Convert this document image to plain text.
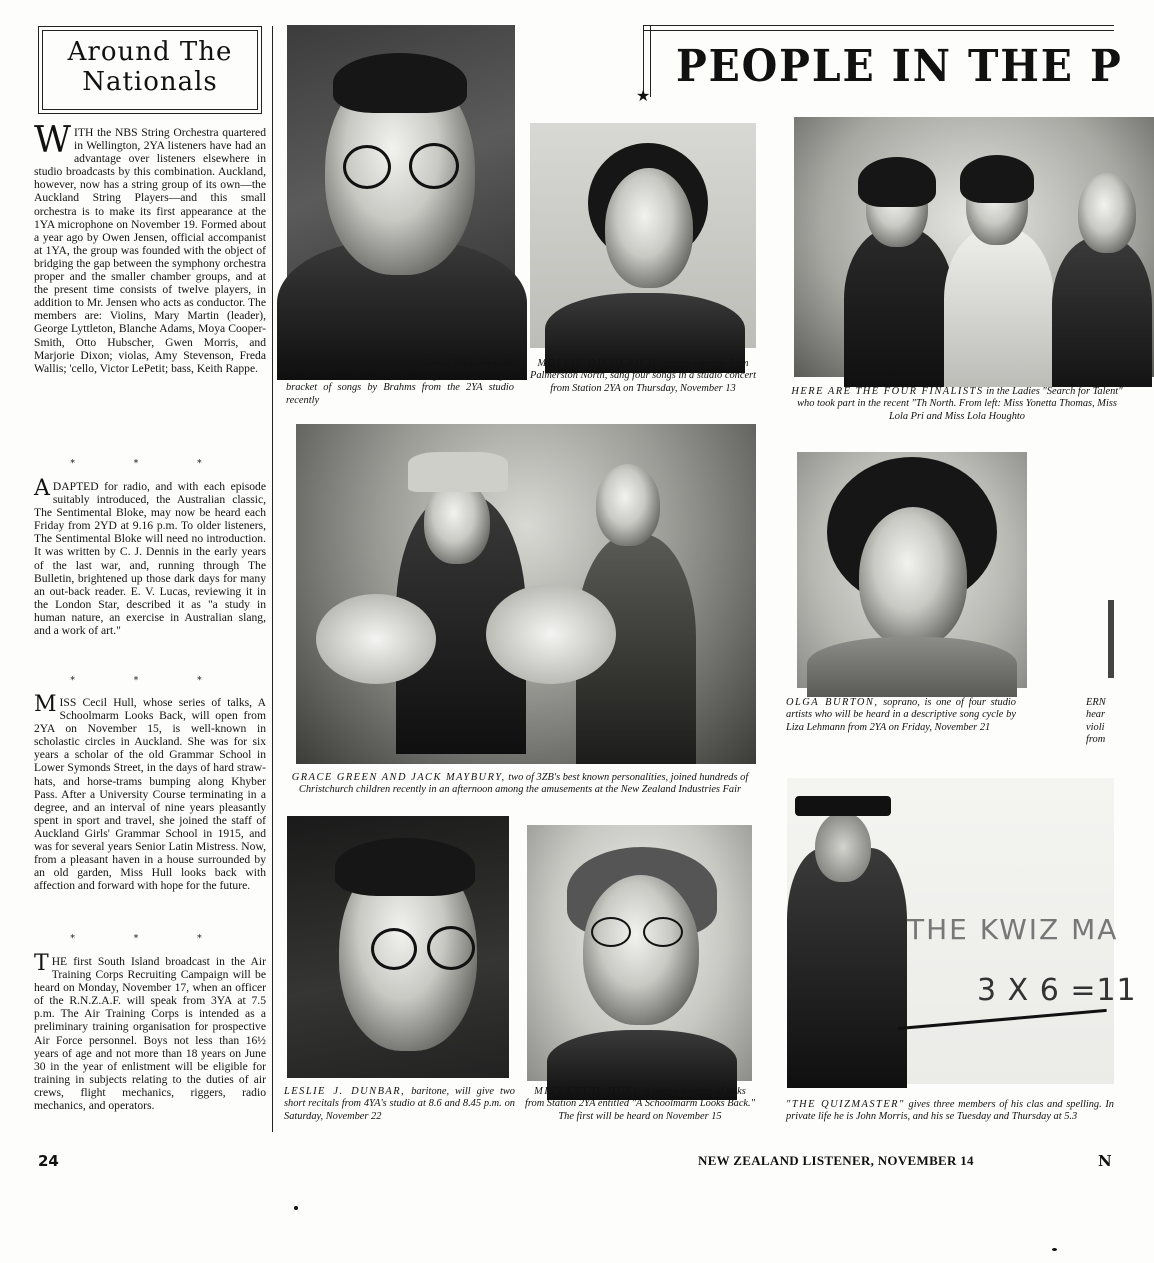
Around The
Nationals
WITH the NBS String Orchestra quartered in Wellington, 2YA listeners have had an advantage over listeners elsewhere in studio broadcasts by this combination. Auckland, however, now has a string group of its own—the Auckland String Players—and this small orchestra is to make its first appearance at the 1YA microphone on November 19. Formed about a year ago by Owen Jensen, official accompanist at 1YA, the group was founded with the object of bridging the gap between the symphony orchestra proper and the smaller chamber groups, and at the present time consists of twelve players, in addition to Mr. Jensen who acts as conductor. The members are: Violins, Mary Martin (leader), George Lyttleton, Blanche Adams, Moya Cooper-Smith, Otto Hubscher, Gwen Morris, and Marjorie Dixon; violas, Amy Stevenson, Freda Wallis; 'cello, Victor LePetit; bass, Keith Rappe.
* * *
ADAPTED for radio, and with each episode suitably introduced, the Australian classic, The Sentimental Bloke, may now be heard each Friday from 2YD at 9.16 p.m. To older listeners, The Sentimental Bloke will need no introduction. It was written by C. J. Dennis in the early years of the last war, and, running through The Bulletin, brightened up those dark days for many an out-back reader. E. V. Lucas, reviewing it in the London Star, described it as "a study in human nature, an exercise in Australian slang, and a work of art."
* * *
MISS Cecil Hull, whose series of talks, A Schoolmarm Looks Back, will open from 2YA on November 15, is well-known in scholastic circles in Auckland. She was for six years a scholar of the old Grammar School in Lower Symonds Street, in the days of hard straw-hats, and horse-trams bumping along Khyber Pass. After a University Course terminating in a degree, and an interval of nine years pleasantly spent in sport and travel, she joined the staff of Auckland Girls' Grammar School in 1915, and was for several years Senior Latin Mistress. Now, from a pleasant haven in a house surrounded by an old garden, Miss Hull looks back with affection and forward with hope for the future.
* * *
THE first South Island broadcast in the Air Training Corps Recruiting Campaign will be heard on Monday, November 17, when an officer of the R.N.Z.A.F. will speak from 3YA at 7.5 p.m. The Air Training Corps is intended as a preliminary training organisation for prospective Air Force personnel. Boys not less than 16½ years of age and not more than 18 years on June 30 in the year of enlistment will be eligible for training in subjects relating to the duties of air crews, flight mechanics, riggers, radio mechanics, and operators.
PEOPLE IN THE P
★
Spencer Digby photograph
OWEN BONIFANT, a Wellington tenor, sang a bracket of songs by Brahms from the 2YA studio recently
MOLLIE DIEDERICH, mezzo-soprano from Palmerston North, sang four songs in a studio concert from Station 2YA on Thursday, November 13	HERE ARE THE FOUR FINALISTS in the Ladies "Search for Talent" who took part in the recent "Th North. From left: Miss Yonetta Thomas, Miss Lola Pri and Miss Lola Houghto
GRACE GREEN AND JACK MAYBURY, two of 3ZB's best known personalities, joined hundreds of Christchurch children recently in an afternoon among the amusements at the New Zealand Industries Fair
OLGA BURTON, soprano, is one of four studio artists who will be heard in a descriptive song cycle by Liza Lehmann from 2YA on Friday, November 21
ERN
hear
violi
from
LESLIE J. DUNBAR, baritone, will give two short recitals from 4YA's studio at 8.6 and 8.45 p.m. on Saturday, November 22
MISS CECIL HULL is giving a series of talks from Station 2YA entitled "A Schoolmarm Looks Back." The first will be heard on November 15
THE KWIZ MA
3 X 6 =11
"THE QUIZMASTER" gives three members of his clas and spelling. In private life he is John Morris, and his se Tuesday and Thursday at 5.3
24	NEW ZEALAND LISTENER, NOVEMBER 14	N
